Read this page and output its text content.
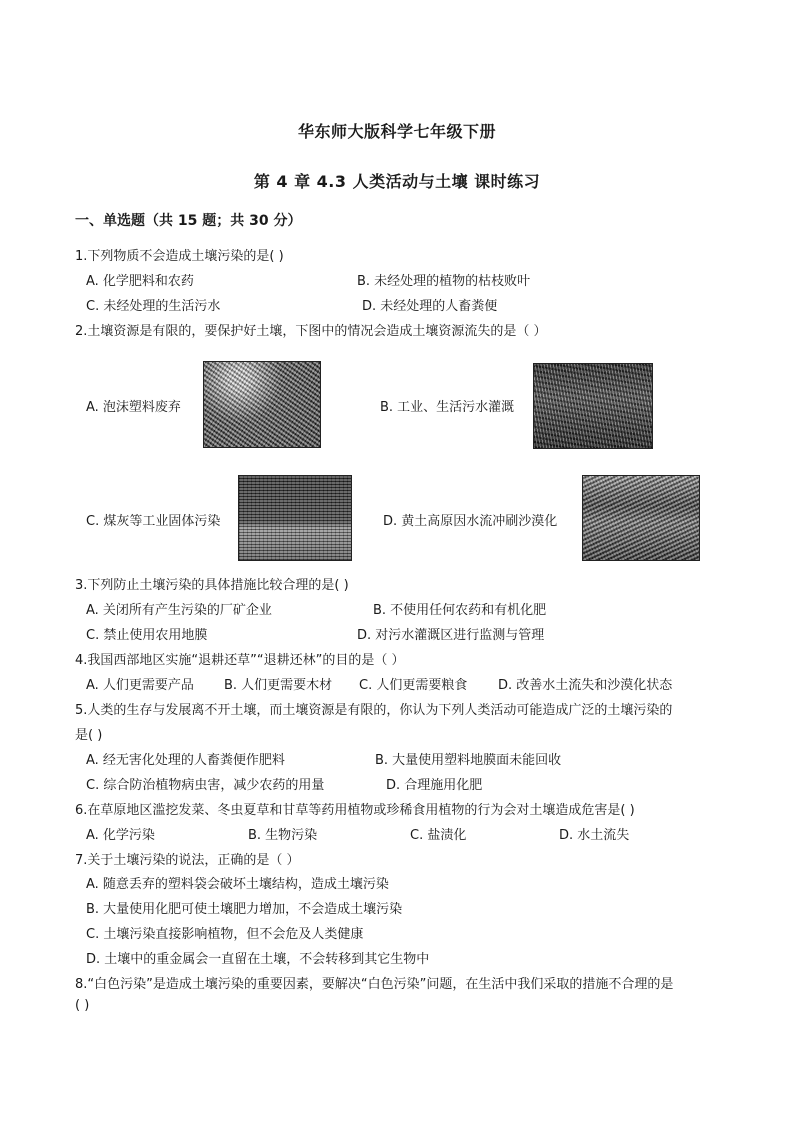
华东师大版科学七年级下册
第 4 章 4.3 人类活动与土壤 课时练习
一、单选题（共 15 题；共 30 分）
1.下列物质不会造成土壤污染的是( )
A. 化学肥料和农药	B. 未经处理的植物的枯枝败叶
C. 未经处理的生活污水	D. 未经处理的人畜粪便
2.土壤资源是有限的，要保护好土壤，下图中的情况会造成土壤资源流失的是（ ）
A. 泡沫塑料废弃	B. 工业、生活污水灌溉
C. 煤灰等工业固体污染	D. 黄土高原因水流冲刷沙漠化
3.下列防止土壤污染的具体措施比较合理的是( )
A. 关闭所有产生污染的厂矿企业	B. 不使用任何农药和有机化肥
C. 禁止使用农用地膜	D. 对污水灌溉区进行监测与管理
4.我国西部地区实施“退耕还草”“退耕还林”的目的是（ ）
A. 人们更需要产品 B. 人们更需要木材 C. 人们更需要粮食 D. 改善水土流失和沙漠化状态
5.人类的生存与发展离不开土壤，而土壤资源是有限的，你认为下列人类活动可能造成广泛的土壤污染的
是( )
A. 经无害化处理的人畜粪便作肥料	B. 大量使用塑料地膜面未能回收
C. 综合防治植物病虫害，减少农药的用量	D. 合理施用化肥
6.在草原地区滥挖发菜、冬虫夏草和甘草等药用植物或珍稀食用植物的行为会对土壤造成危害是( )
A. 化学污染	B. 生物污染	C. 盐渍化	D. 水土流失
7.关于土壤污染的说法，正确的是（ ）
A. 随意丢弃的塑料袋会破坏土壤结构，造成土壤污染
B. 大量使用化肥可使土壤肥力增加，不会造成土壤污染
C. 土壤污染直接影响植物，但不会危及人类健康
D. 土壤中的重金属会一直留在土壤，不会转移到其它生物中
8.“白色污染”是造成土壤污染的重要因素，要解决“白色污染”问题，在生活中我们采取的措施不合理的是
( )
